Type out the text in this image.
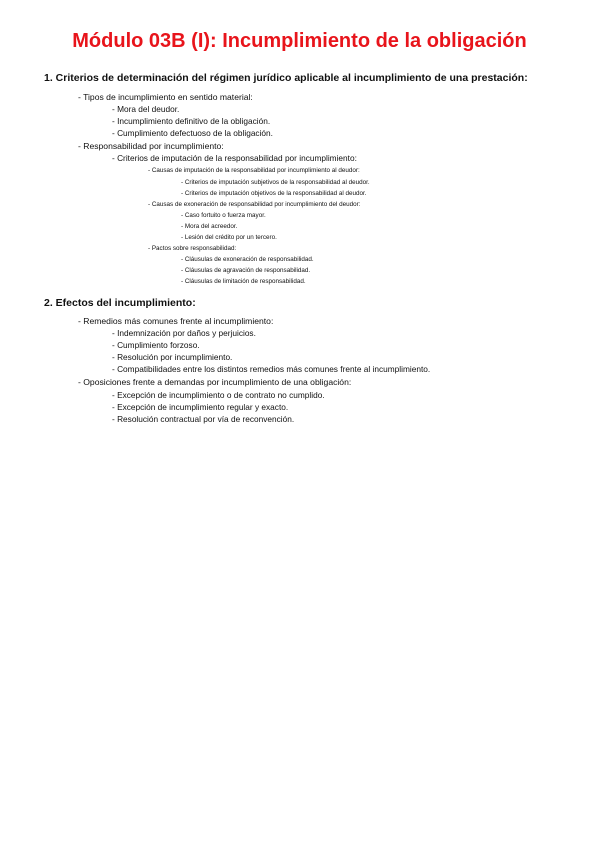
Módulo 03B (I): Incumplimiento de la obligación
1. Criterios de determinación del régimen jurídico aplicable al incumplimiento de una prestación:
- Tipos de incumplimiento en sentido material:
- Mora del deudor.
- Incumplimiento definitivo de la obligación.
- Cumplimiento defectuoso de la obligación.
- Responsabilidad por incumplimiento:
- Criterios de imputación de la responsabilidad por incumplimiento:
- Causas de imputación de la responsabilidad por incumplimiento al deudor:
- Criterios de imputación subjetivos de la responsabilidad al deudor.
- Criterios de imputación objetivos de la responsabilidad al deudor.
- Causas de exoneración de responsabilidad por incumplimiento del deudor:
- Caso fortuito o fuerza mayor.
- Mora del acreedor.
- Lesión del crédito por un tercero.
- Pactos sobre responsabilidad:
- Cláusulas de exoneración de responsabilidad.
- Cláusulas de agravación de responsabilidad.
- Cláusulas de limitación de responsabilidad.
2. Efectos del incumplimiento:
- Remedios más comunes frente al incumplimiento:
- Indemnización por daños y perjuicios.
- Cumplimiento forzoso.
- Resolución por incumplimiento.
- Compatibilidades entre los distintos remedios más comunes frente al incumplimiento.
- Oposiciones frente a demandas por incumplimiento de una obligación:
- Excepción de incumplimiento o de contrato no cumplido.
- Excepción de incumplimiento regular y exacto.
- Resolución contractual por vía de reconvención.
